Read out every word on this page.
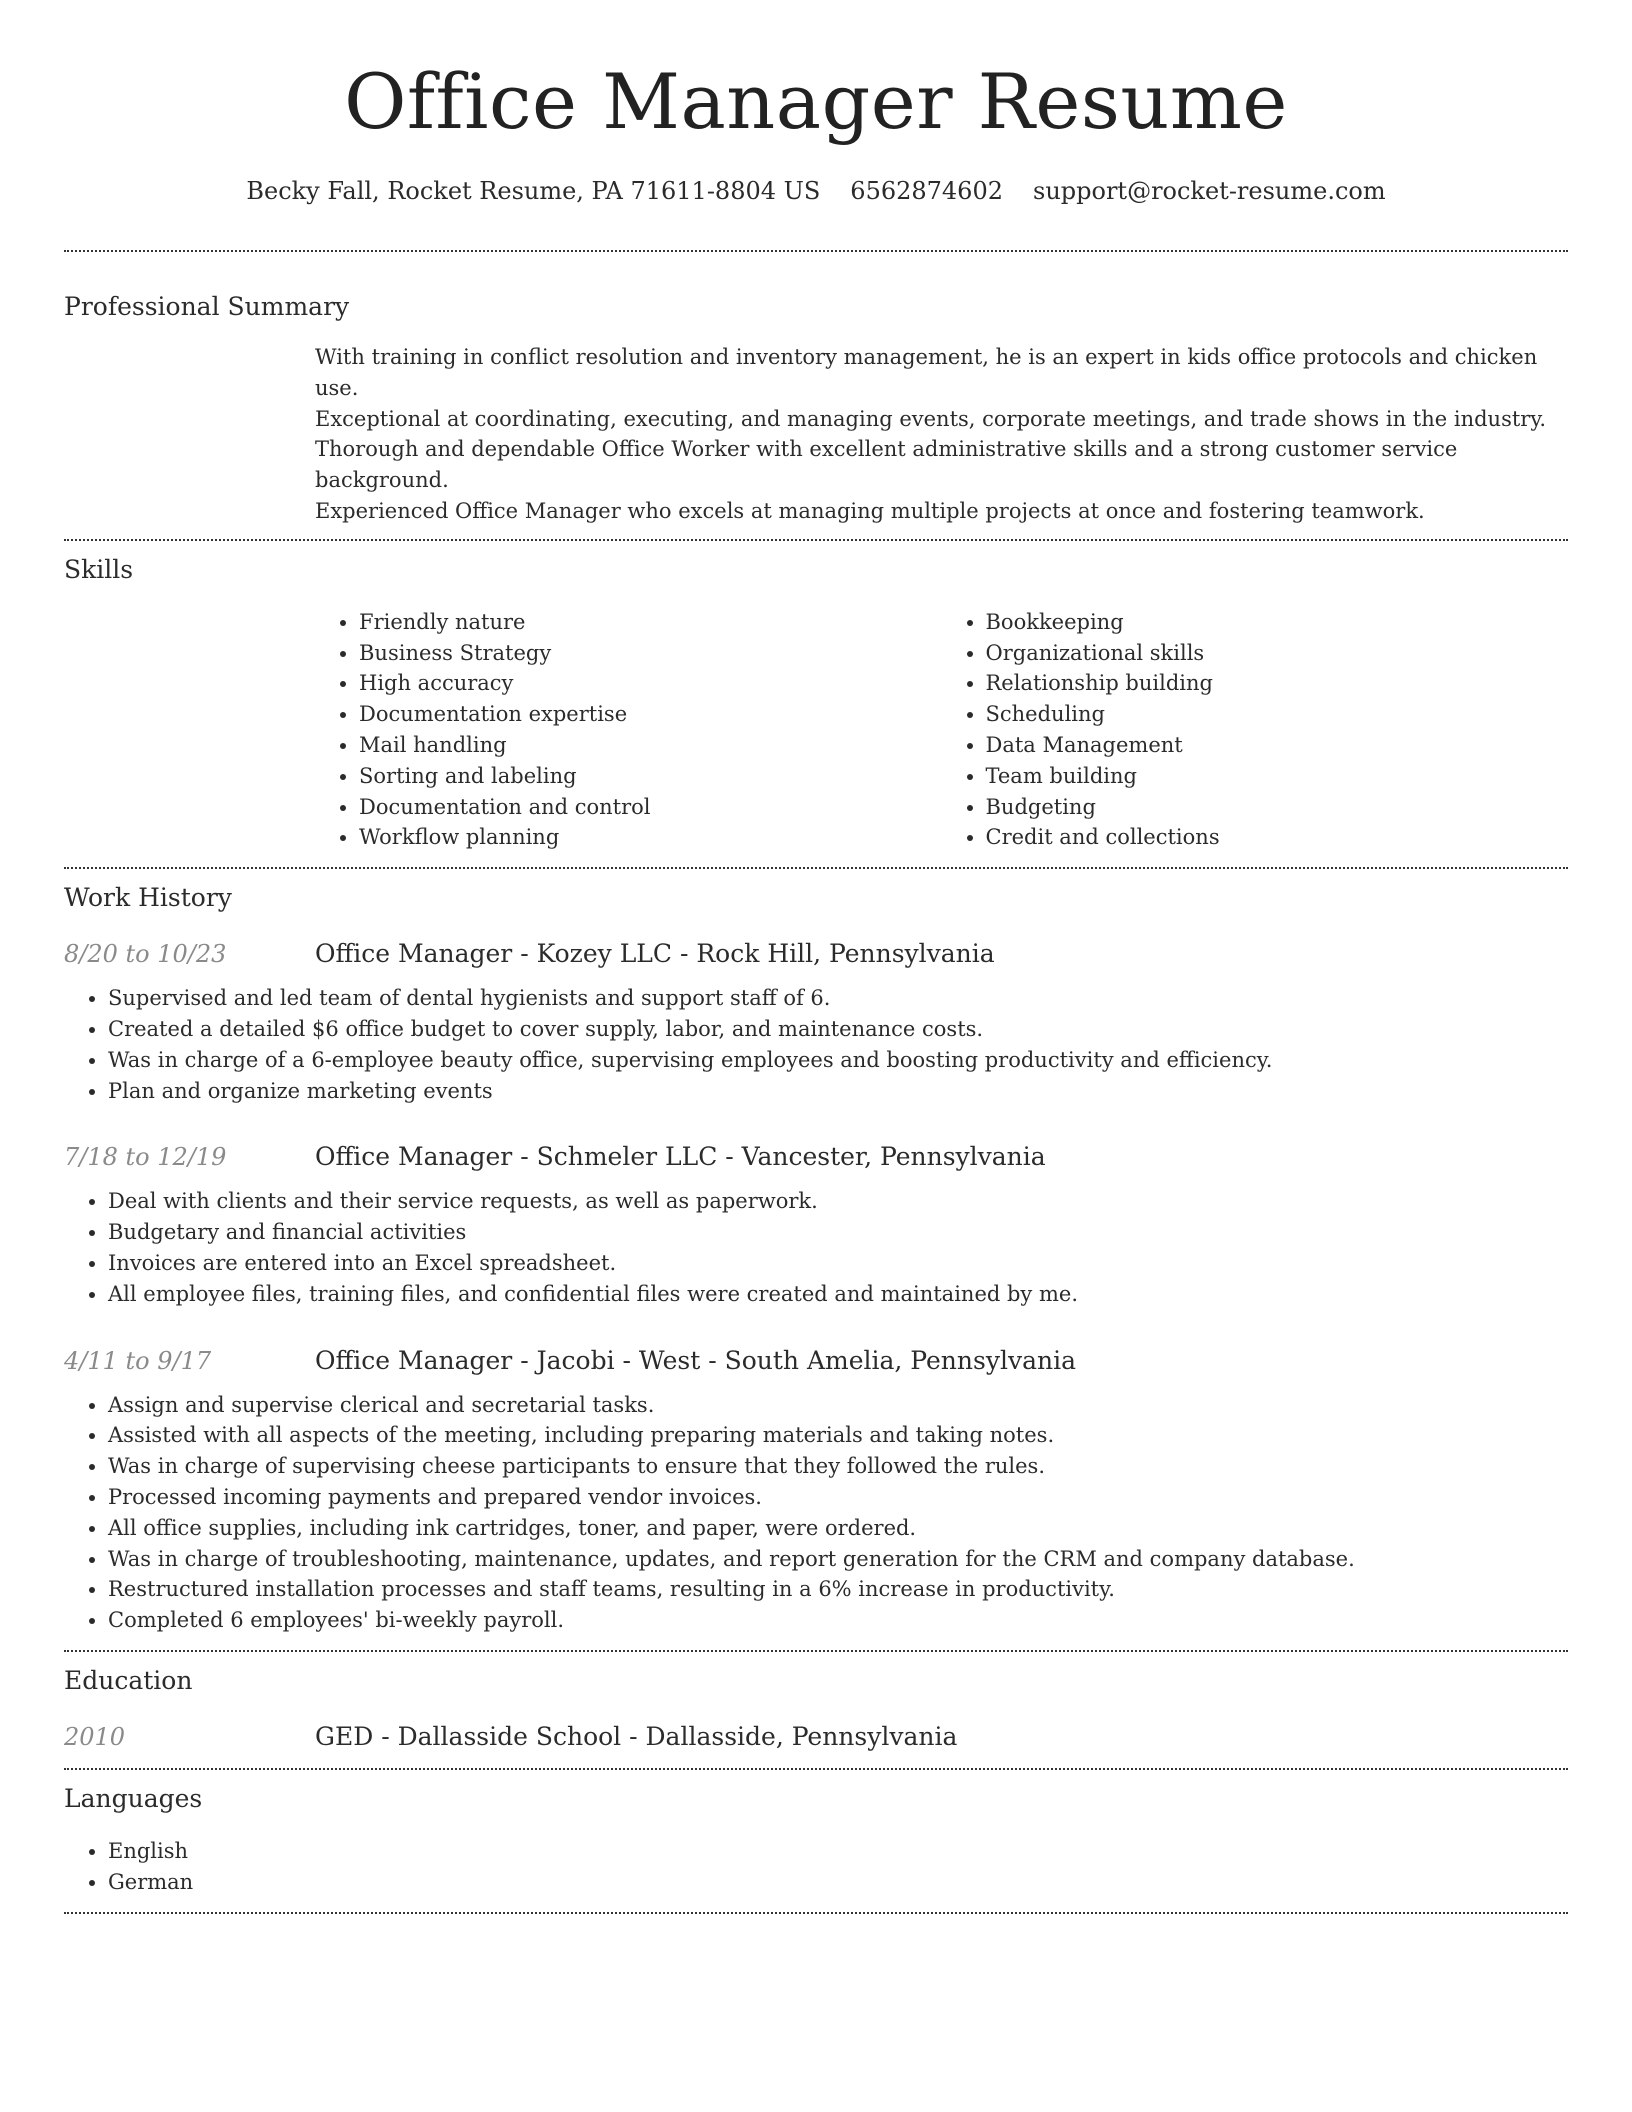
Office Manager Resume
Becky Fall, Rocket Resume, PA 71611-8804 US 6562874602 support@rocket-resume.com
Professional Summary

With training in conflict resolution and inventory management, he is an expert in kids office protocols and chicken use.

Exceptional at coordinating, executing, and managing events, corporate meetings, and trade shows in the industry.

Thorough and dependable Office Worker with excellent administrative skills and a strong customer service background.

Experienced Office Manager who excels at managing multiple projects at once and fostering teamwork.

Skills
• Friendly nature
• Business Strategy
• High accuracy
• Documentation expertise
• Mail handling
• Sorting and labeling
• Documentation and control
• Workflow planning
• Bookkeeping
• Organizational skills
• Relationship building
• Scheduling
• Data Management
• Team building
• Budgeting
• Credit and collections
Work History
8/20 to 10/23	Office Manager - Kozey LLC - Rock Hill, Pennsylvania
• Supervised and led team of dental hygienists and support staff of 6.
• Created a detailed $6 office budget to cover supply, labor, and maintenance costs.
• Was in charge of a 6-employee beauty office, supervising employees and boosting productivity and efficiency.
• Plan and organize marketing events
7/18 to 12/19	Office Manager - Schmeler LLC - Vancester, Pennsylvania
• Deal with clients and their service requests, as well as paperwork.
• Budgetary and financial activities
• Invoices are entered into an Excel spreadsheet.
• All employee files, training files, and confidential files were created and maintained by me.
4/11 to 9/17	Office Manager - Jacobi - West - South Amelia, Pennsylvania
• Assign and supervise clerical and secretarial tasks.
• Assisted with all aspects of the meeting, including preparing materials and taking notes.
• Was in charge of supervising cheese participants to ensure that they followed the rules.
• Processed incoming payments and prepared vendor invoices.
• All office supplies, including ink cartridges, toner, and paper, were ordered.
• Was in charge of troubleshooting, maintenance, updates, and report generation for the CRM and company database.
• Restructured installation processes and staff teams, resulting in a 6% increase in productivity.
• Completed 6 employees' bi-weekly payroll.
Education
2010	GED - Dallasside School - Dallasside, Pennsylvania
Languages
• English
• German
